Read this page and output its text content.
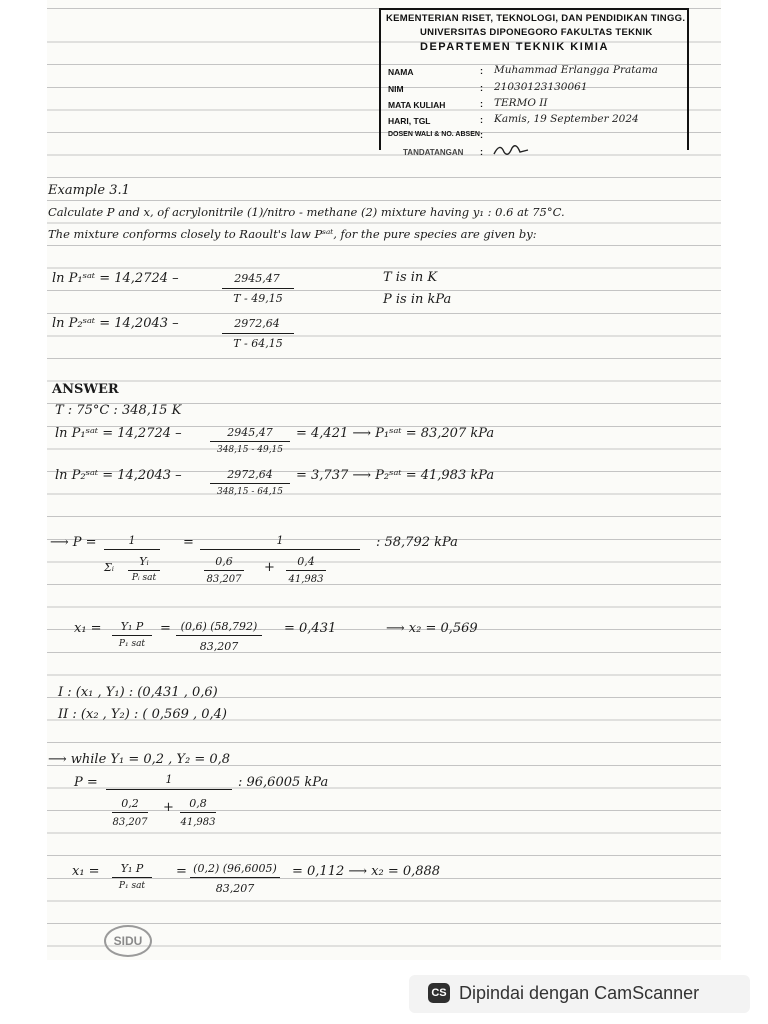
KEMENTERIAN RISET, TEKNOLOGI, DAN PENDIDIKAN TINGG.
UNIVERSITAS DIPONEGORO FAKULTAS TEKNIK
DEPARTEMEN TEKNIK KIMIA
NAMA	: Muhammad Erlangga Pratama
NIM	: 21030123130061
MATA KULIAH	: TERMO II
HARI, TGL	: Kamis, 19 September 2024
DOSEN WALI & NO. ABSEN :
TANDATANGAN :
Example 3.1
Calculate P and x, of acrylonitrile (1)/nitro - methane (2) mixture having y₁ : 0.6 at 75°C.
The mixture conforms closely to Raoult's law Pˢᵃᵗ, for the pure species are given by:
ln P₁ˢᵃᵗ = 14,2724 –	2945,47
T - 49,15
T is in K
P is in kPa
ln P₂ˢᵃᵗ = 14,2043 –	2972,64
T - 64,15
ANSWER
T : 75°C : 348,15 K
ln P₁ˢᵃᵗ = 14,2724 –	2945,47
348,15 - 49,15
= 4,421 ⟶ P₁ˢᵃᵗ = 83,207 kPa
ln P₂ˢᵃᵗ = 14,2043 –	2972,64
348,15 - 64,15
= 3,737 ⟶ P₂ˢᵃᵗ = 41,983 kPa
⟶ P =	1	=	1	: 58,792 kPa
Σᵢ	Yᵢ
Pᵢ sat
0,6
83,207
+	0,4
41,983
x₁ =	Y₁ P
P₁ sat
= (0,6) (58,792)
83,207
= 0,431	⟶ x₂ = 0,569
I : (x₁ , Y₁) : (0,431 , 0,6)
II : (x₂ , Y₂) : ( 0,569 , 0,4)
⟶ while Y₁ = 0,2 , Y₂ = 0,8
P =	1	: 96,6005 kPa
0,2
83,207
+	0,8
41,983
x₁ =	Y₁ P
P₁ sat
= (0,2) (96,6005)
83,207
= 0,112 ⟶ x₂ = 0,888
SIDU
CS Dipindai dengan CamScanner
